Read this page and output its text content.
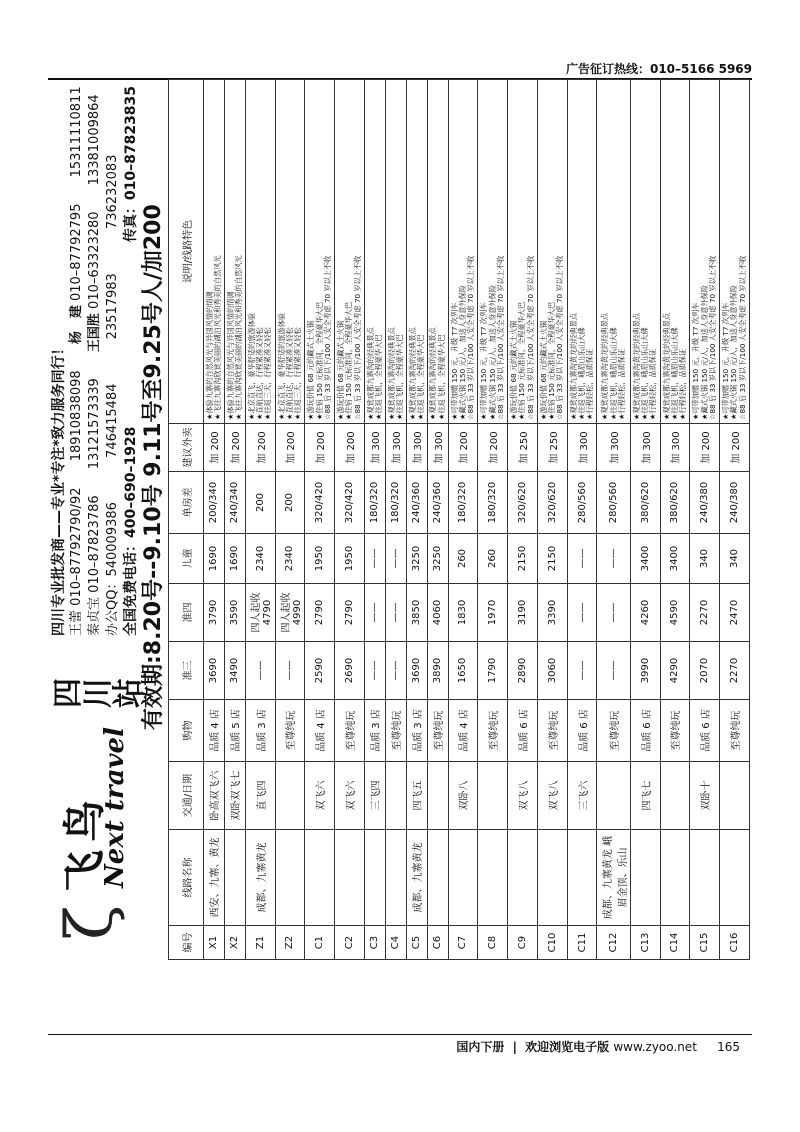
广告征订热线：010–5166 5969
ζ
飞鸟
Next travel
四
川
站
四川专业批发商——专业*专注*致力服务同行！ 王蕾 010–87792790/92 18910838098 杨　建 010–87792795 15311110811
秦贞宝 010–87823786 13121573339 王国胜 010–63323280 13381009864
办公QQ：540009386 746415484 23517983 736232083
全国免费电话：400–690–1928 传真：010–87823835
有效期:8.20号--9.10号 9.11号至9.25号人/加200
编号	线路名称	交通/日期	购物	准三	准四	儿童	单房差	建议外卖	说明/线路特色
X1	西安、九寨、黄龙	卧高双飞六	品质 4 店	3690	3790	1690	200/340	加 200	★体验九寨的自然风光与异国风情的情调 ★飞往九寨沟欣赏美丽的湖泊风光和秀美的自然风光

X2		双卧双飞七	品质 5 店	3490	3590	1690	240/340	加 200	★体验九寨的自然风光与异国风情的情调 ★飞往九寨沟欣赏美丽的湖泊风光和秀美的自然风光

Z1	成都、九寨黄龙	直飞四	品质 3 店	——	四人起收 4790	2340	200	加 200	★北京直飞，豪华舒适的旅游体验 ★直航直达，行程紧凑又轻松 ★往返三天，行程紧凑又轻松

Z2			至尊纯玩	——	四人起收 4990	2340	200	加 200	★北京直飞，豪华舒适的旅游体验 ★直航直达，行程紧凑又轻松 ★往返三天，行程紧凑又轻松

C1		双飞六	品质 4 店	2590	2790	1950	320/420	加 200	★游玩价值 68 元的藏式土火锅 ★住宿 150 元标准间，全程豪华大巴 ☆88 后 33 岁以下/100 人安全考虑 70 岁以上不收

C2		双飞六	至尊纯玩	2690	2790	1950	320/420	加 200	★游玩价值 68 元的藏式土火锅 ★住宿 150 元标准间，全程豪华大巴 ☆88 后 33 岁以下/100 人安全考虑 70 岁以上不收

C3		三飞四	品质 3 店	——	——	——	180/320	加 300	★观赏成都九寨沟的经典景点 ★往返飞机，全程豪华大巴

C4			至尊纯玩	——	——	——	180/320	加 300	★观赏成都九寨沟的经典景点 ★往返飞机，全程豪华大巴

C5	成都、九寨黄龙	四飞五	品质 3 店	3690	3850	3250	240/360	加 300	★观赏成都九寨沟的经典景点 ★往返飞机，全程豪华大巴

C6			至尊纯玩	3890	4060	3250	240/360	加 300	★观赏成都九寨沟的经典景点 ★往返飞机，全程豪华大巴

C7		双卧八	品质 4 店	1650	1830	260	180/320	加 200	★可带加赠 150 元，升级 T7 次列车 ★藏式火锅 150 元/人，加送人身意外保险 ☆88 后 33 岁以下/100 人安全考虑 70 岁以上不收

C8			至尊纯玩	1790	1970	260	180/320	加 200	★可带加赠 150 元，升级 T7 次列车 ★藏式火锅 150 元/人，加送人身意外保险 ☆88 后 33 岁以下/100 人安全考虑 70 岁以上不收

C9		双飞八	品质 6 店	2890	3190	2150	320/620	加 250	★游玩价值 68 元的藏式土火锅 ★住宿 150 元标准间，全程豪华大巴 ☆88 后 33 岁以下/100 人安全考虑 70 岁以上不收

C10		双飞八	至尊纯玩	3060	3390	2150	320/620	加 250	★游玩价值 68 元的藏式土火锅 ★住宿 150 元标准间，全程豪华大巴 ☆88 后 33 岁以下/100 人安全考虑 70 岁以上不收

C11		三飞六	品质 6 店	——	——	——	280/560	加 300	★观赏成都九寨沟黄龙的经典景点 ★往返飞机，峨眉山乐山大佛 ★行程轻松，品质保证

C12	成都、九寨黄龙 峨眉金顶、乐山		至尊纯玩	——	——	——	280/560	加 300	★观赏成都九寨沟黄龙的经典景点 ★往返飞机，峨眉山乐山大佛 ★行程轻松，品质保证

C13		四飞七	品质 6 店	3990	4260	3400	380/620	加 300	★观赏成都九寨沟黄龙的经典景点 ★往返飞机，峨眉山乐山大佛 ★行程轻松，品质保证

C14			至尊纯玩	4290	4590	3400	380/620	加 300	★观赏成都九寨沟黄龙的经典景点 ★往返飞机，峨眉山乐山大佛 ★行程轻松，品质保证

C15		双卧十	品质 6 店	2070	2270	340	240/380	加 200	★可带加赠 150 元，升级 T7 次列车 ★藏式火锅 150 元/人，加送人身意外保险 ☆88 后 33 岁以下/100 人安全考虑 70 岁以上不收

C16			至尊纯玩	2270	2470	340	240/380	加 200	★可带加赠 150 元，升级 T7 次列车 ★藏式火锅 150 元/人，加送人身意外保险 ☆88 后 33 岁以下/100 人安全考虑 70 岁以上不收
国内下册 | 欢迎浏览电子版 www.zyoo.net 165
